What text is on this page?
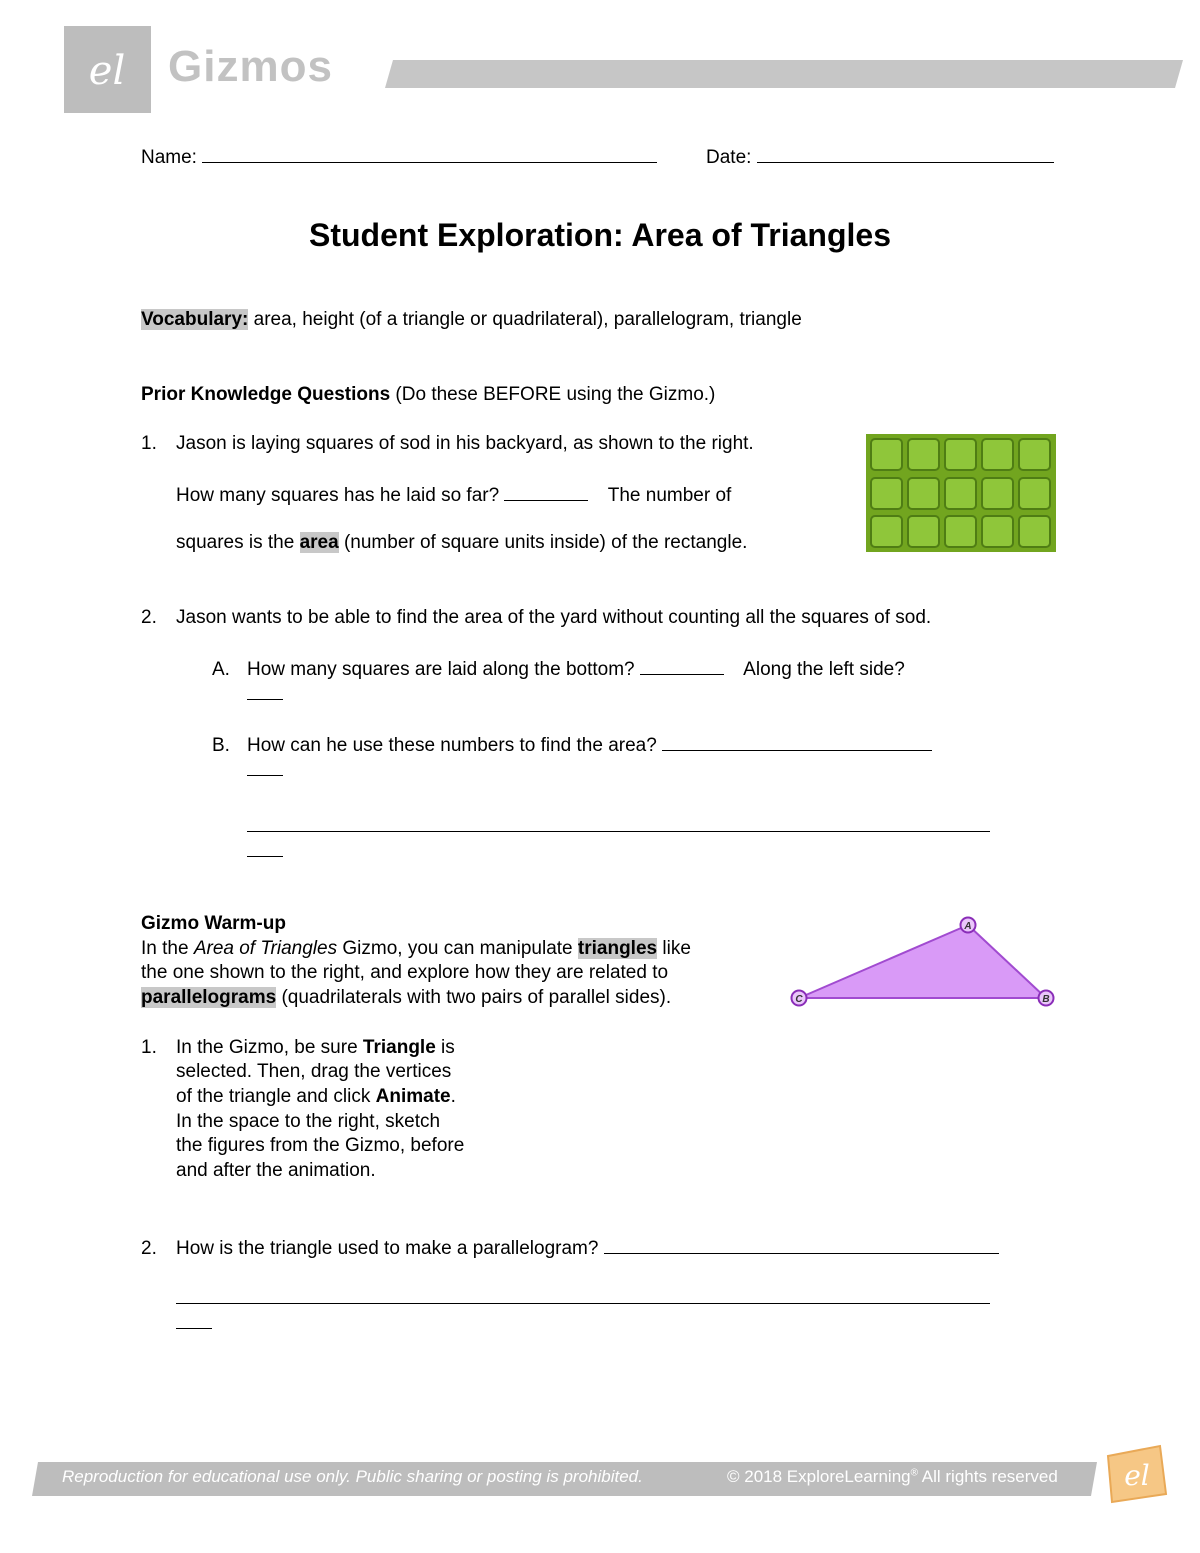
el Gizmos
Name:	Date:
Student Exploration: Area of Triangles
Vocabulary: area, height (of a triangle or quadrilateral), parallelogram, triangle
Prior Knowledge Questions (Do these BEFORE using the Gizmo.)
1. Jason is laying squares of sod in his backyard, as shown to the right.
How many squares has he laid so far?	The number of
squares is the area (number of square units inside) of the rectangle.
2. Jason wants to be able to find the area of the yard without counting all the squares of sod.
A. How many squares are laid along the bottom?	Along the left side?
B. How can he use these numbers to find the area?
Gizmo Warm-up
In the Area of Triangles Gizmo, you can manipulate triangles like
the one shown to the right, and explore how they are related to
parallelograms (quadrilaterals with two pairs of parallel sides).
A
B
C
1. In the Gizmo, be sure Triangle is
selected. Then, drag the vertices
of the triangle and click Animate.
In the space to the right, sketch
the figures from the Gizmo, before
and after the animation.
2. How is the triangle used to make a parallelogram?
Reproduction for educational use only. Public sharing or posting is prohibited.	© 2018 ExploreLearning® All rights reserved el
